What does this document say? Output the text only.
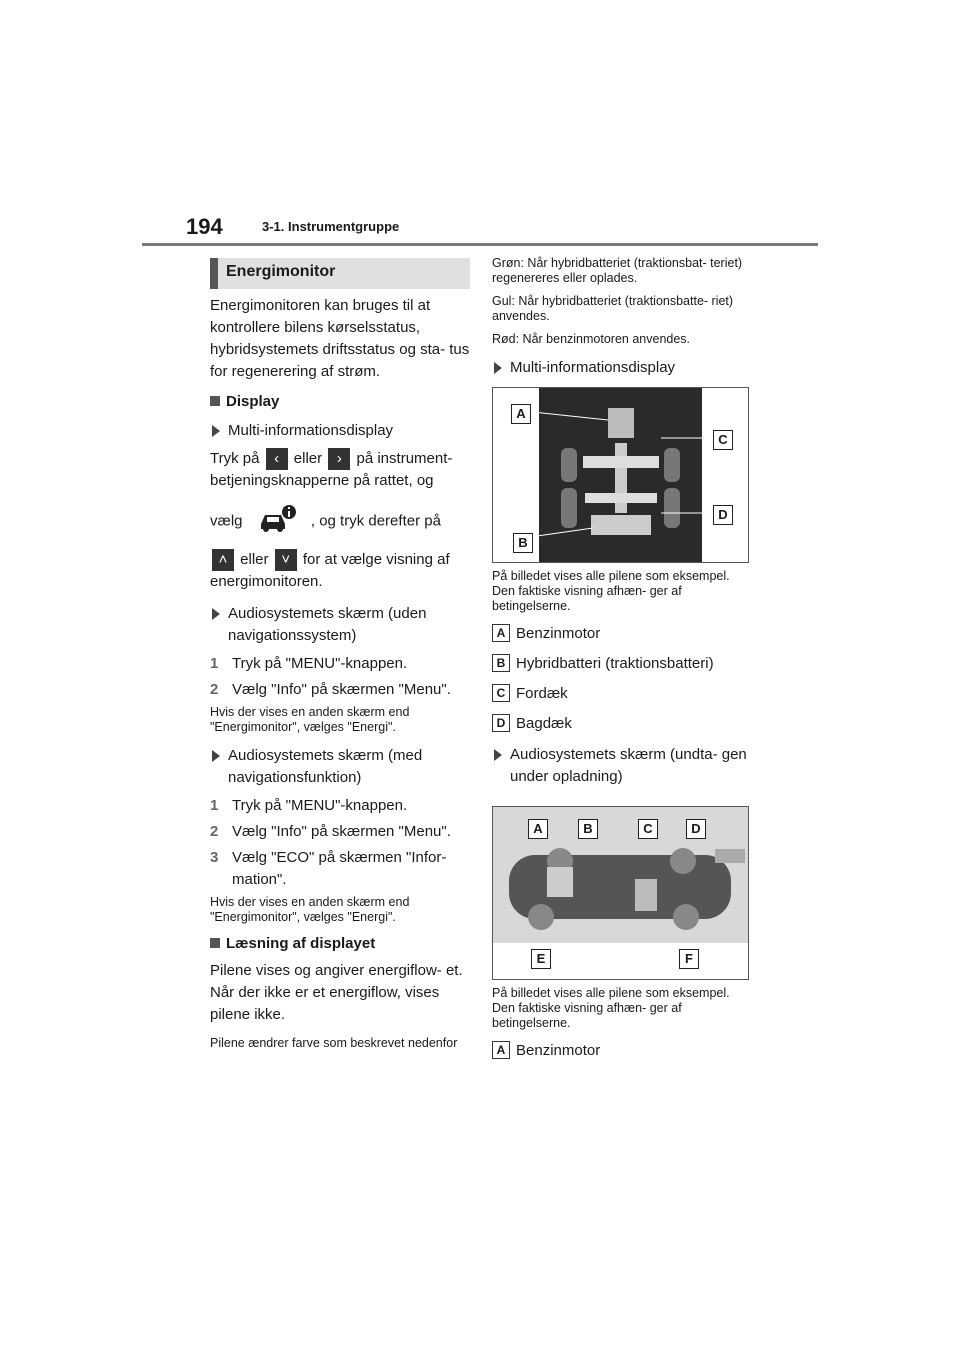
194	3-1. Instrumentgruppe
Energimonitor

Energimonitoren kan bruges til at kontrollere bilens kørselsstatus, hybridsystemets driftsstatus og sta- tus for regenerering af strøm.

Display
Multi-informationsdisplay

Tryk på ‹ eller › på instrument- betjeningsknapperne på rattet, og

vælg	, og tryk derefter på

˄ eller ˅ for at vælge visning af energimonitoren.

Audiosystemets skærm (uden navigationssystem)
1 Tryk på "MENU"-knappen.
2 Vælg "Info" på skærmen "Menu".

Hvis der vises en anden skærm end "Energimonitor", vælges "Energi".

Audiosystemets skærm (med navigationsfunktion)
1 Tryk på "MENU"-knappen.
2 Vælg "Info" på skærmen "Menu".
3 Vælg "ECO" på skærmen "Infor- mation".

Hvis der vises en anden skærm end "Energimonitor", vælges "Energi".

Læsning af displayet

Pilene vises og angiver energiflow- et. Når der ikke er et energiflow, vises pilene ikke.

Pilene ændrer farve som beskrevet nedenfor

Grøn: Når hybridbatteriet (traktionsbat- teriet) regenereres eller oplades.

Gul: Når hybridbatteriet (traktionsbatte- riet) anvendes.

Rød: Når benzinmotoren anvendes.

Multi-informationsdisplay
A
B
C
D

På billedet vises alle pilene som eksempel. Den faktiske visning afhæn- ger af betingelserne.

A Benzinmotor
B Hybridbatteri (traktionsbatteri)
C Fordæk
D Bagdæk
Audiosystemets skærm (undta- gen under opladning)
A	B	C	D
E	F

På billedet vises alle pilene som eksempel. Den faktiske visning afhæn- ger af betingelserne.

A Benzinmotor
